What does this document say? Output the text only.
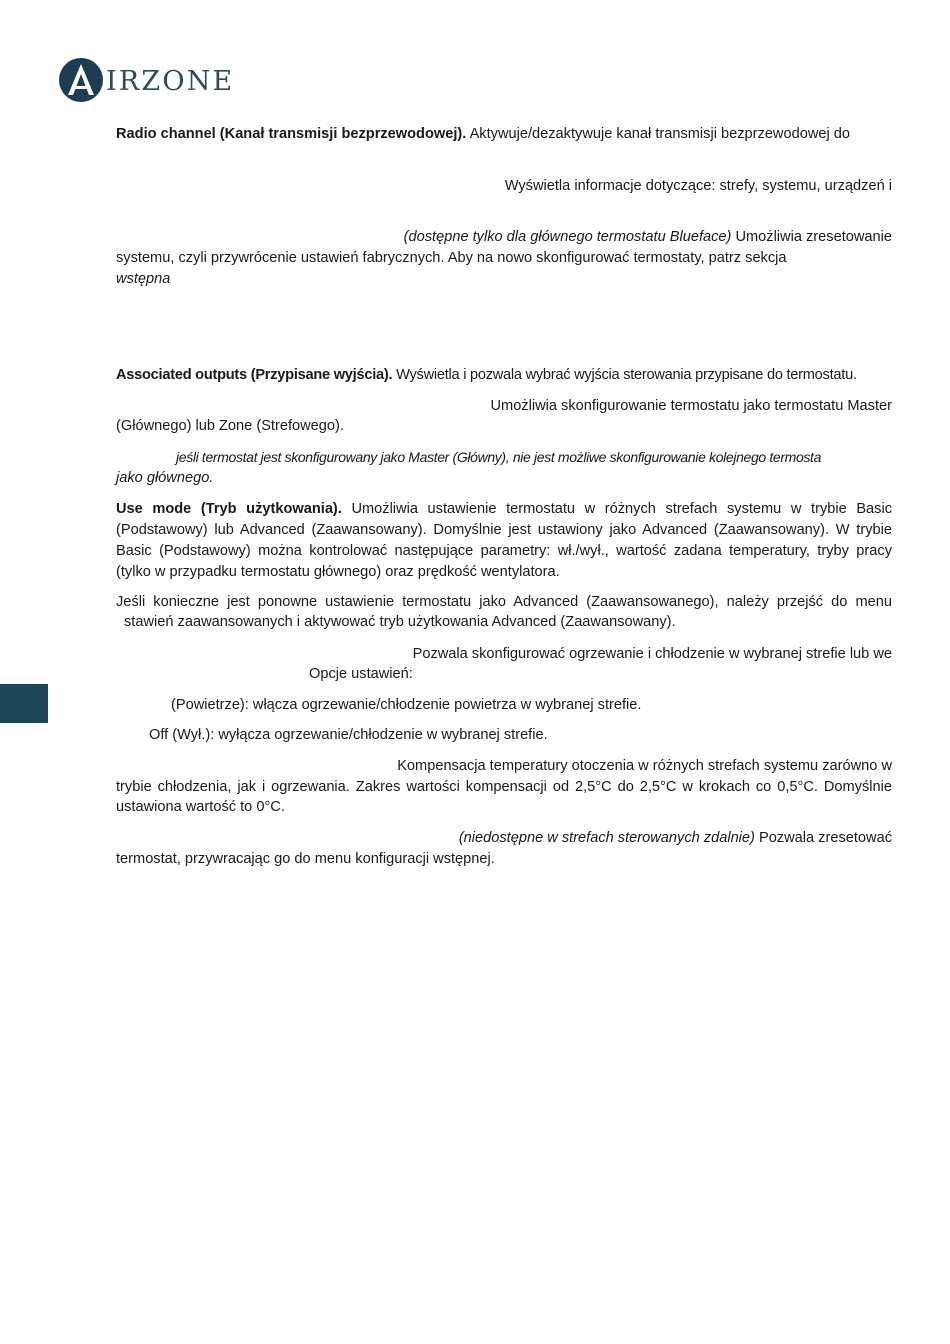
IRZONE
Radio channel (Kanał transmisji bezprzewodowej). Aktywuje/dezaktywuje kanał transmisji bezprzewodowej do
Wyświetla informacje dotyczące: strefy, systemu, urządzeń i
(dostępne tylko dla głównego termostatu Blueface) Umożliwia zresetowanie
systemu, czyli przywrócenie ustawień fabrycznych. Aby na nowo skonfigurować termostaty, patrz sekcja
wstępna
Associated outputs (Przypisane wyjścia). Wyświetla i pozwala wybrać wyjścia sterowania przypisane do termostatu.
Umożliwia skonfigurowanie termostatu jako termostatu Master
(Głównego) lub Zone (Strefowego).
jeśli termostat jest skonfigurowany jako Master (Główny), nie jest możliwe skonfigurowanie kolejnego termosta
jako głównego.
Use mode (Tryb użytkowania). Umożliwia ustawienie termostatu w różnych strefach systemu w trybie Basic
(Podstawowy) lub Advanced (Zaawansowany). Domyślnie jest ustawiony jako Advanced (Zaawansowany). W trybie
Basic (Podstawowy) można kontrolować następujące parametry: wł./wył., wartość zadana temperatury, tryby pracy
(tylko w przypadku termostatu głównego) oraz prędkość wentylatora.
Jeśli konieczne jest ponowne ustawienie termostatu jako Advanced (Zaawansowanego), należy przejść do menu
stawień zaawansowanych i aktywować tryb użytkowania Advanced (Zaawansowany).
Pozwala skonfigurować ogrzewanie i chłodzenie w wybranej strefie lub we
Opcje ustawień:
(Powietrze): włącza ogrzewanie/chłodzenie powietrza w wybranej strefie.
Off (Wył.): wyłącza ogrzewanie/chłodzenie w wybranej strefie.
Kompensacja temperatury otoczenia w różnych strefach systemu zarówno w
trybie chłodzenia, jak i ogrzewania. Zakres wartości kompensacji od 2,5°C do 2,5°C w krokach co 0,5°C. Domyślnie
ustawiona wartość to 0°C.
(niedostępne w strefach sterowanych zdalnie) Pozwala zresetować
termostat, przywracając go do menu konfiguracji wstępnej.
